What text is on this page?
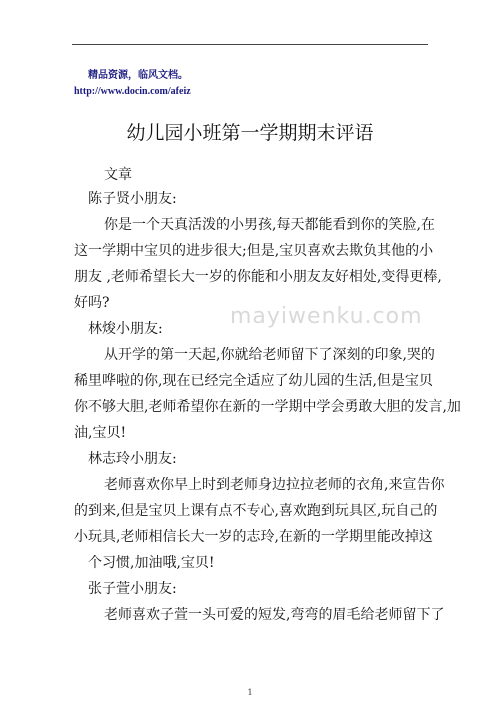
精品资源，临风文档。
http://www.docin.com/afeiz
幼儿园小班第一学期期末评语
mayiwenku.com
文章
陈子贤小朋友:
你是一个天真活泼的小男孩,每天都能看到你的笑脸,在
这一学期中宝贝的进步很大;但是,宝贝喜欢去欺负其他的小
朋友 ,老师希望长大一岁的你能和小朋友友好相处,变得更棒,
好吗?
林焌小朋友:
从开学的第一天起,你就给老师留下了深刻的印象,哭的
稀里哗啦的你,现在已经完全适应了幼儿园的生活,但是宝贝
你不够大胆,老师希望你在新的一学期中学会勇敢大胆的发言,加
油,宝贝!
林志玲小朋友:
老师喜欢你早上时到老师身边拉拉老师的衣角,来宣告你
的到来,但是宝贝上课有点不专心,喜欢跑到玩具区,玩自己的
小玩具,老师相信长大一岁的志玲,在新的一学期里能改掉这
个习惯,加油哦,宝贝!
张子萱小朋友:
老师喜欢子萱一头可爱的短发,弯弯的眉毛给老师留下了
1
